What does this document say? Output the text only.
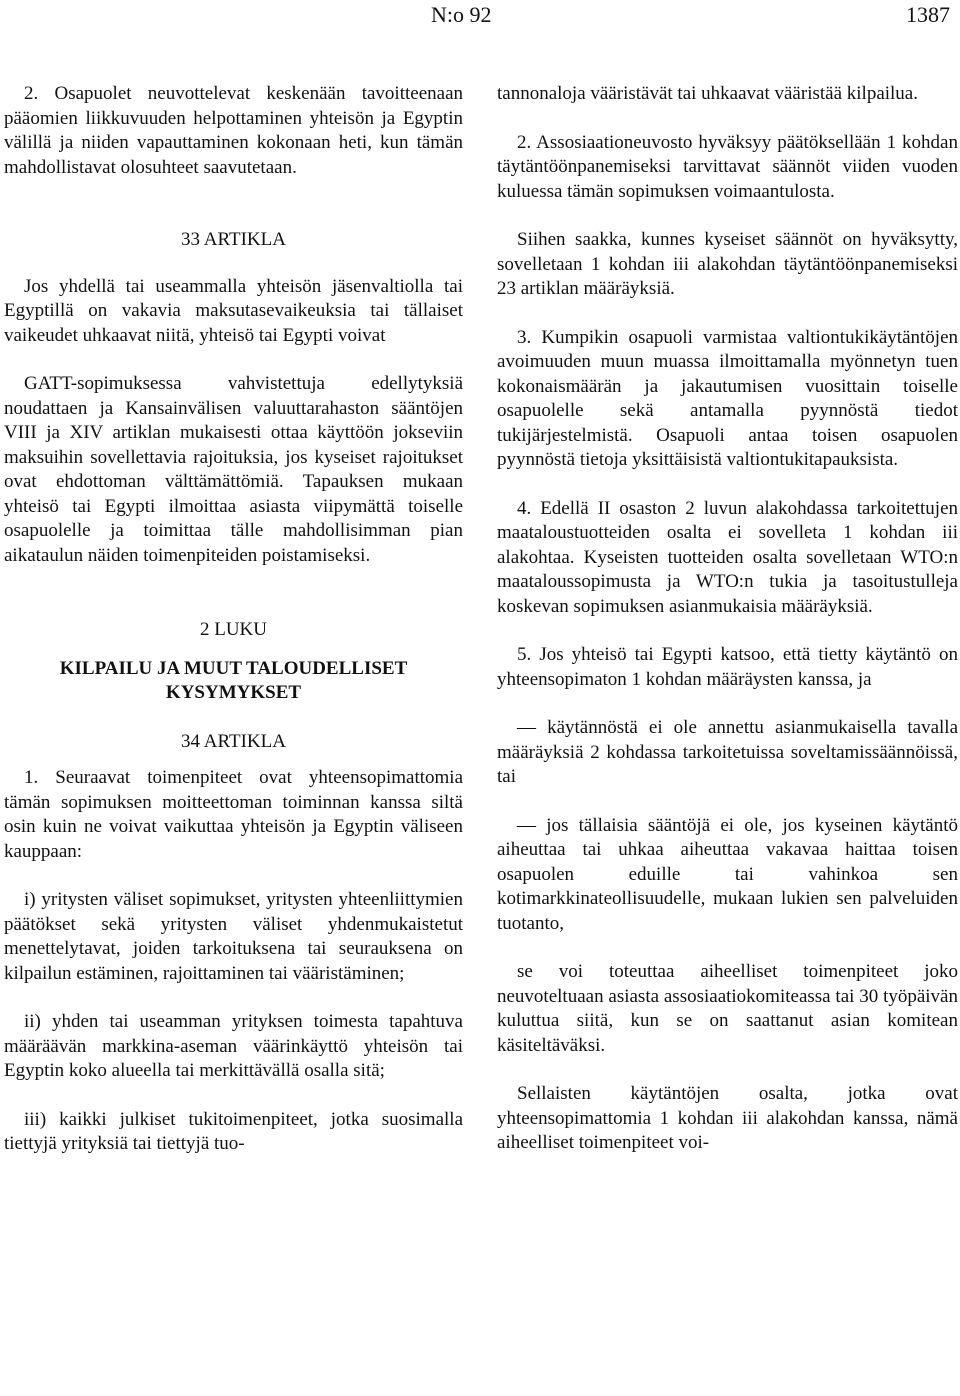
N:o 92	1387

2. Osapuolet neuvottelevat keskenään tavoitteenaan pääomien liikkuvuuden helpottaminen yhteisön ja Egyptin välillä ja niiden vapauttaminen kokonaan heti, kun tämän mahdollistavat olosuhteet saavutetaan.

33 ARTIKLA

Jos yhdellä tai useammalla yhteisön jäsenvaltiolla tai Egyptillä on vakavia maksutasevaikeuksia tai tällaiset vaikeudet uhkaavat niitä, yhteisö tai Egypti voivat

GATT-sopimuksessa vahvistettuja edellytyksiä noudattaen ja Kansainvälisen valuuttarahaston sääntöjen VIII ja XIV artiklan mukaisesti ottaa käyttöön jokseviin maksuihin sovellettavia rajoituksia, jos kyseiset rajoitukset ovat ehdottoman välttämättömiä. Tapauksen mukaan yhteisö tai Egypti ilmoittaa asiasta viipymättä toiselle osapuolelle ja toimittaa tälle mahdollisimman pian aikataulun näiden toimenpiteiden poistamiseksi.

2 LUKU

KILPAILU JA MUUT TALOUDELLISET

KYSYMYKSET

34 ARTIKLA

1. Seuraavat toimenpiteet ovat yhteensopimattomia tämän sopimuksen moitteettoman toiminnan kanssa siltä osin kuin ne voivat vaikuttaa yhteisön ja Egyptin väliseen kauppaan:

i) yritysten väliset sopimukset, yritysten yhteenliittymien päätökset sekä yritysten väliset yhdenmukaistetut menettelytavat, joiden tarkoituksena tai seurauksena on kilpailun estäminen, rajoittaminen tai vääristäminen;

ii) yhden tai useamman yrityksen toimesta tapahtuva määräävän markkina-aseman väärinkäyttö yhteisön tai Egyptin koko alueella tai merkittävällä osalla sitä;

iii) kaikki julkiset tukitoimenpiteet, jotka suosimalla tiettyjä yrityksiä tai tiettyjä tuo-

tannonaloja vääristävät tai uhkaavat vääristää kilpailua.

2. Assosiaationeuvosto hyväksyy päätöksellään 1 kohdan täytäntöönpanemiseksi tarvittavat säännöt viiden vuoden kuluessa tämän sopimuksen voimaantulosta.

Siihen saakka, kunnes kyseiset säännöt on hyväksytty, sovelletaan 1 kohdan iii alakohdan täytäntöönpanemiseksi 23 artiklan määräyksiä.

3. Kumpikin osapuoli varmistaa valtiontukikäytäntöjen avoimuuden muun muassa ilmoittamalla myönnetyn tuen kokonaismäärän ja jakautumisen vuosittain toiselle osapuolelle sekä antamalla pyynnöstä tiedot tukijärjestelmistä. Osapuoli antaa toisen osapuolen pyynnöstä tietoja yksittäisistä valtiontukitapauksista.

4. Edellä II osaston 2 luvun alakohdassa tarkoitettujen maataloustuotteiden osalta ei sovelleta 1 kohdan iii alakohtaa. Kyseisten tuotteiden osalta sovelletaan WTO:n maataloussopimusta ja WTO:n tukia ja tasoitustulleja koskevan sopimuksen asianmukaisia määräyksiä.

5. Jos yhteisö tai Egypti katsoo, että tietty käytäntö on yhteensopimaton 1 kohdan määräysten kanssa, ja

— käytännöstä ei ole annettu asianmukaisella tavalla määräyksiä 2 kohdassa tarkoitetuissa soveltamissäännöissä, tai

— jos tällaisia sääntöjä ei ole, jos kyseinen käytäntö aiheuttaa tai uhkaa aiheuttaa vakavaa haittaa toisen osapuolen eduille tai vahinkoa sen kotimarkkinateollisuudelle, mukaan lukien sen palveluiden tuotanto,

se voi toteuttaa aiheelliset toimenpiteet joko neuvoteltuaan asiasta assosiaatiokomiteassa tai 30 työpäivän kuluttua siitä, kun se on saattanut asian komitean käsiteltäväksi.

Sellaisten käytäntöjen osalta, jotka ovat yhteensopimattomia 1 kohdan iii alakohdan kanssa, nämä aiheelliset toimenpiteet voi-
